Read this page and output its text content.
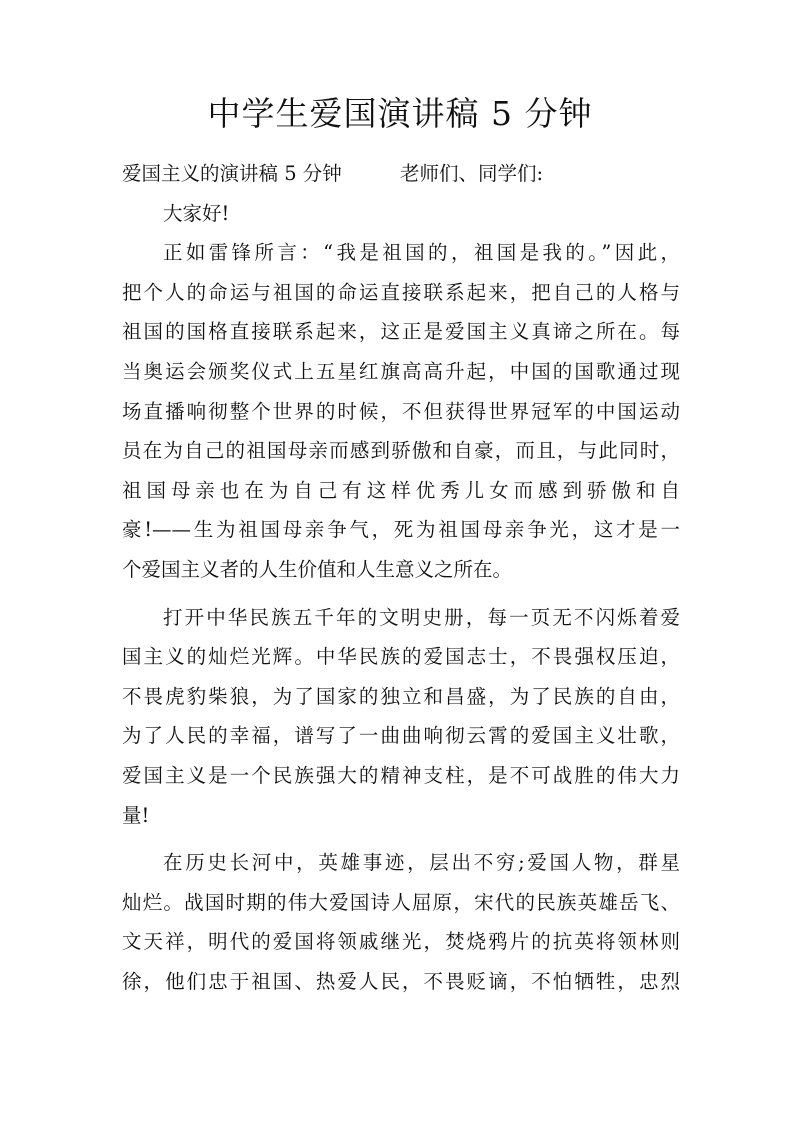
中学生爱国演讲稿 5 分钟
爱国主义的演讲稿 5 分钟	老师们、同学们:
大家好!
正如雷锋所言：“我是祖国的，祖国是我的。”因此，
把个人的命运与祖国的命运直接联系起来，把自己的人格与
祖国的国格直接联系起来，这正是爱国主义真谛之所在。每
当奥运会颁奖仪式上五星红旗高高升起，中国的国歌通过现
场直播响彻整个世界的时候，不但获得世界冠军的中国运动
员在为自己的祖国母亲而感到骄傲和自豪，而且，与此同时，
祖国母亲也在为自己有这样优秀儿女而感到骄傲和自
豪!——生为祖国母亲争气，死为祖国母亲争光，这才是一
个爱国主义者的人生价值和人生意义之所在。
打开中华民族五千年的文明史册，每一页无不闪烁着爱
国主义的灿烂光辉。中华民族的爱国志士，不畏强权压迫，
不畏虎豹柴狼，为了国家的独立和昌盛，为了民族的自由，
为了人民的幸福，谱写了一曲曲响彻云霄的爱国主义壮歌，
爱国主义是一个民族强大的精神支柱，是不可战胜的伟大力
量!
在历史长河中，英雄事迹，层出不穷;爱国人物，群星
灿烂。战国时期的伟大爱国诗人屈原，宋代的民族英雄岳飞、
文天祥，明代的爱国将领戚继光，焚烧鸦片的抗英将领林则
徐，他们忠于祖国、热爱人民，不畏贬谪，不怕牺牲，忠烈
